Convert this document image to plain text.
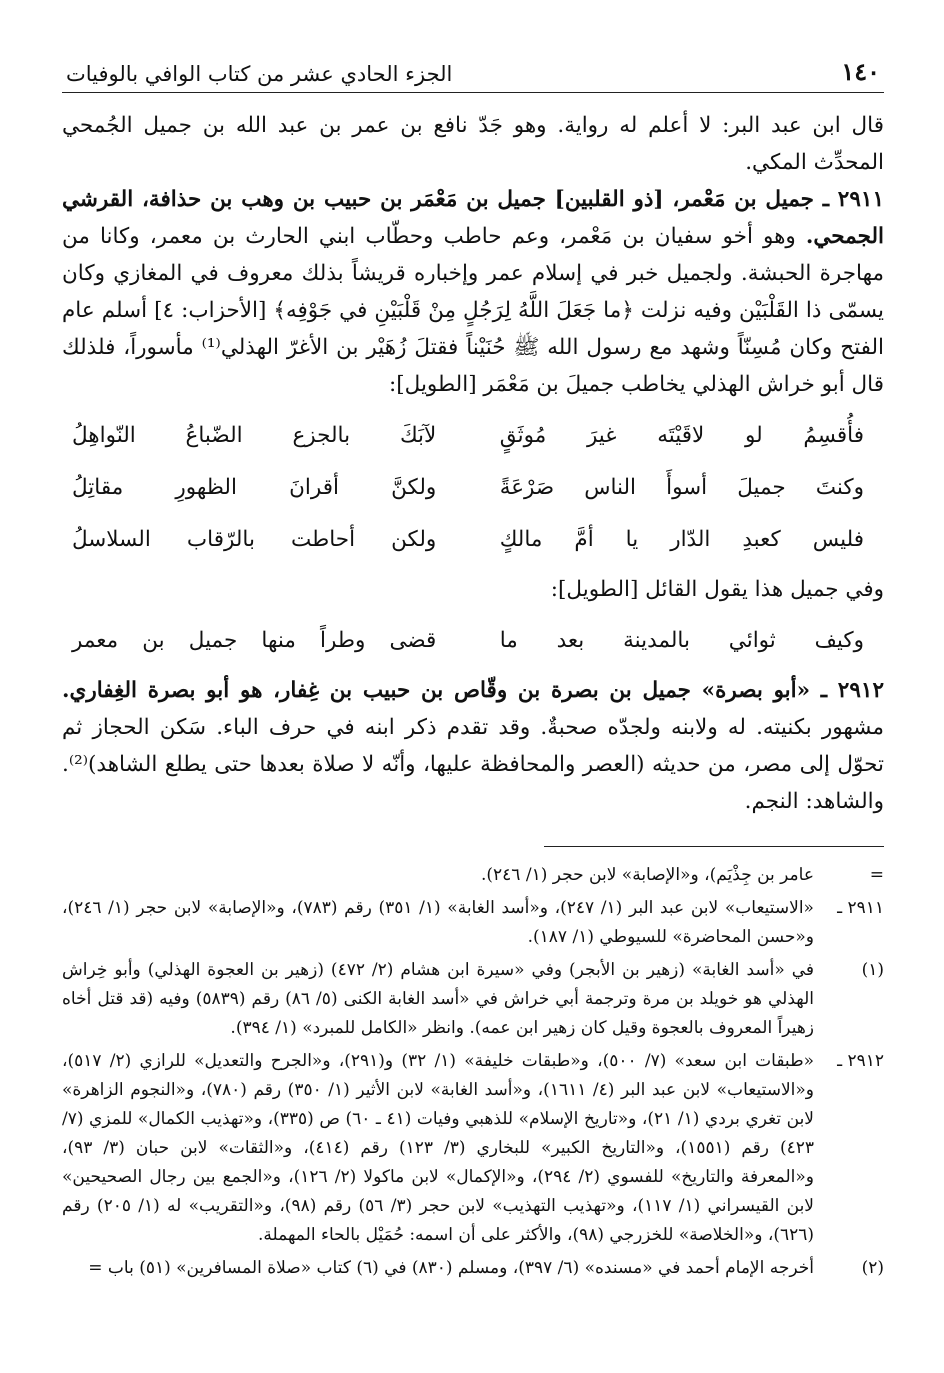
١٤٠
الجزء الحادي عشر من كتاب الوافي بالوفيات

قال ابن عبد البر: لا أعلم له رواية. وهو جَدّ نافع بن عمر بن عبد الله بن جميل الجُمحي المحدِّث المكي.

٢٩١١ ـ جميل بن مَعْمر، [ذو القلبين] جميل بن مَعْمَر بن حبيب بن وهب بن حذافة، القرشي الجمحي. وهو أخو سفيان بن مَعْمر، وعم حاطب وحطّاب ابني الحارث بن معمر، وكانا من مهاجرة الحبشة. ولجميل خبر في إسلام عمر وإخباره قريشاً بذلك معروف في المغازي وكان يسمّى ذا القَلْبَيْن وفيه نزلت ﴿ما جَعَلَ اللَّهُ لِرَجُلٍ مِنْ قَلْبَيْنِ في جَوْفِه﴾ [الأحزاب: ٤] أسلم عام الفتح وكان مُسِنّاً وشهد مع رسول الله ﷺ حُنَيْناً فقتلَ زُهَيْر بن الأغرّ الهذلي⁽¹⁾ مأسوراً، فلذلك قال أبو خراش الهذلي يخاطب جميلَ بن مَعْمَر [الطويل]:

فأُقسِمُ لو لاقَيْتَه غيرَ مُوثَقٍ
لآبَكَ بالجزع الضّباعُ النّواهِلُ
وكنتَ جميلَ أسوأَ الناس صَرْعَةً
ولكنَّ أقرانَ الظهورِ مقاتِلُ
فليس كعبدِ الدّار يا أمَّ مالكٍ
ولكن أحاطت بالرّقاب السلاسلُ

وفي جميل هذا يقول القائل [الطويل]:

وكيف ثوائي بالمدينة بعد ما
قضى وطراً منها جميل بن معمر

٢٩١٢ ـ «أبو بصرة» جميل بن بصرة بن وقّاص بن حبيب بن غِفار، هو أبو بصرة الغِفاري. مشهور بكنيته. له ولابنه ولجدّه صحبةٌ. وقد تقدم ذكر ابنه في حرف الباء. سَكن الحجاز ثم تحوّل إلى مصر، من حديثه (العصر والمحافظة عليها، وأنّه لا صلاة بعدها حتى يطلع الشاهد)⁽²⁾. والشاهد: النجم.

=
عامر بن جِذْيَم)، و«الإصابة» لابن حجر (١/ ٢٤٦).
٢٩١١ ـ
«الاستيعاب» لابن عبد البر (١/ ٢٤٧)، و«أسد الغابة» (١/ ٣٥١) رقم (٧٨٣)، و«الإصابة» لابن حجر (١/ ٢٤٦)، و«حسن المحاضرة» للسيوطي (١/ ١٨٧).
(١)
في «أسد الغابة» (زهير بن الأبجر) وفي «سيرة ابن هشام (٢/ ٤٧٢) (زهير بن العجوة الهذلي) وأبو خِراش الهذلي هو خويلد بن مرة وترجمة أبي خراش في «أسد الغابة الكنى (٥/ ٨٦) رقم (٥٨٣٩) وفيه (قد قتل أخاه زهيراً المعروف بالعجوة وقيل كان زهير ابن عمه). وانظر «الكامل للمبرد» (١/ ٣٩٤).
٢٩١٢ ـ
«طبقات ابن سعد» (٧/ ٥٠٠)، و«طبقات خليفة» (١/ ٣٢) و(٢٩١)، و«الجرح والتعديل» للرازي (٢/ ٥١٧)، و«الاستيعاب» لابن عبد البر (٤/ ١٦١١)، و«أسد الغابة» لابن الأثير (١/ ٣٥٠) رقم (٧٨٠)، و«النجوم الزاهرة» لابن تغري بردي (١/ ٢١)، و«تاريخ الإسلام» للذهبي وفيات (٤١ ـ ٦٠) ص (٣٣٥)، و«تهذيب الكمال» للمزي (٧/ ٤٢٣) رقم (١٥٥١)، و«التاريخ الكبير» للبخاري (٣/ ١٢٣) رقم (٤١٤)، و«الثقات» لابن حبان (٣/ ٩٣)، و«المعرفة والتاريخ» للفسوي (٢/ ٢٩٤)، و«الإكمال» لابن ماكولا (٢/ ١٢٦)، و«الجمع بين رجال الصحيحين» لابن القيسراني (١/ ١١٧)، و«تهذيب التهذيب» لابن حجر (٣/ ٥٦) رقم (٩٨)، و«التقريب» له (١/ ٢٠٥) رقم (٦٢٦)، و«الخلاصة» للخزرجي (٩٨)، والأكثر على أن اسمه: حُمَيْل بالحاء المهملة.
(٢)
أخرجه الإمام أحمد في «مسنده» (٦/ ٣٩٧)، ومسلم (٨٣٠) في (٦) كتاب «صلاة المسافرين» (٥١) باب =
